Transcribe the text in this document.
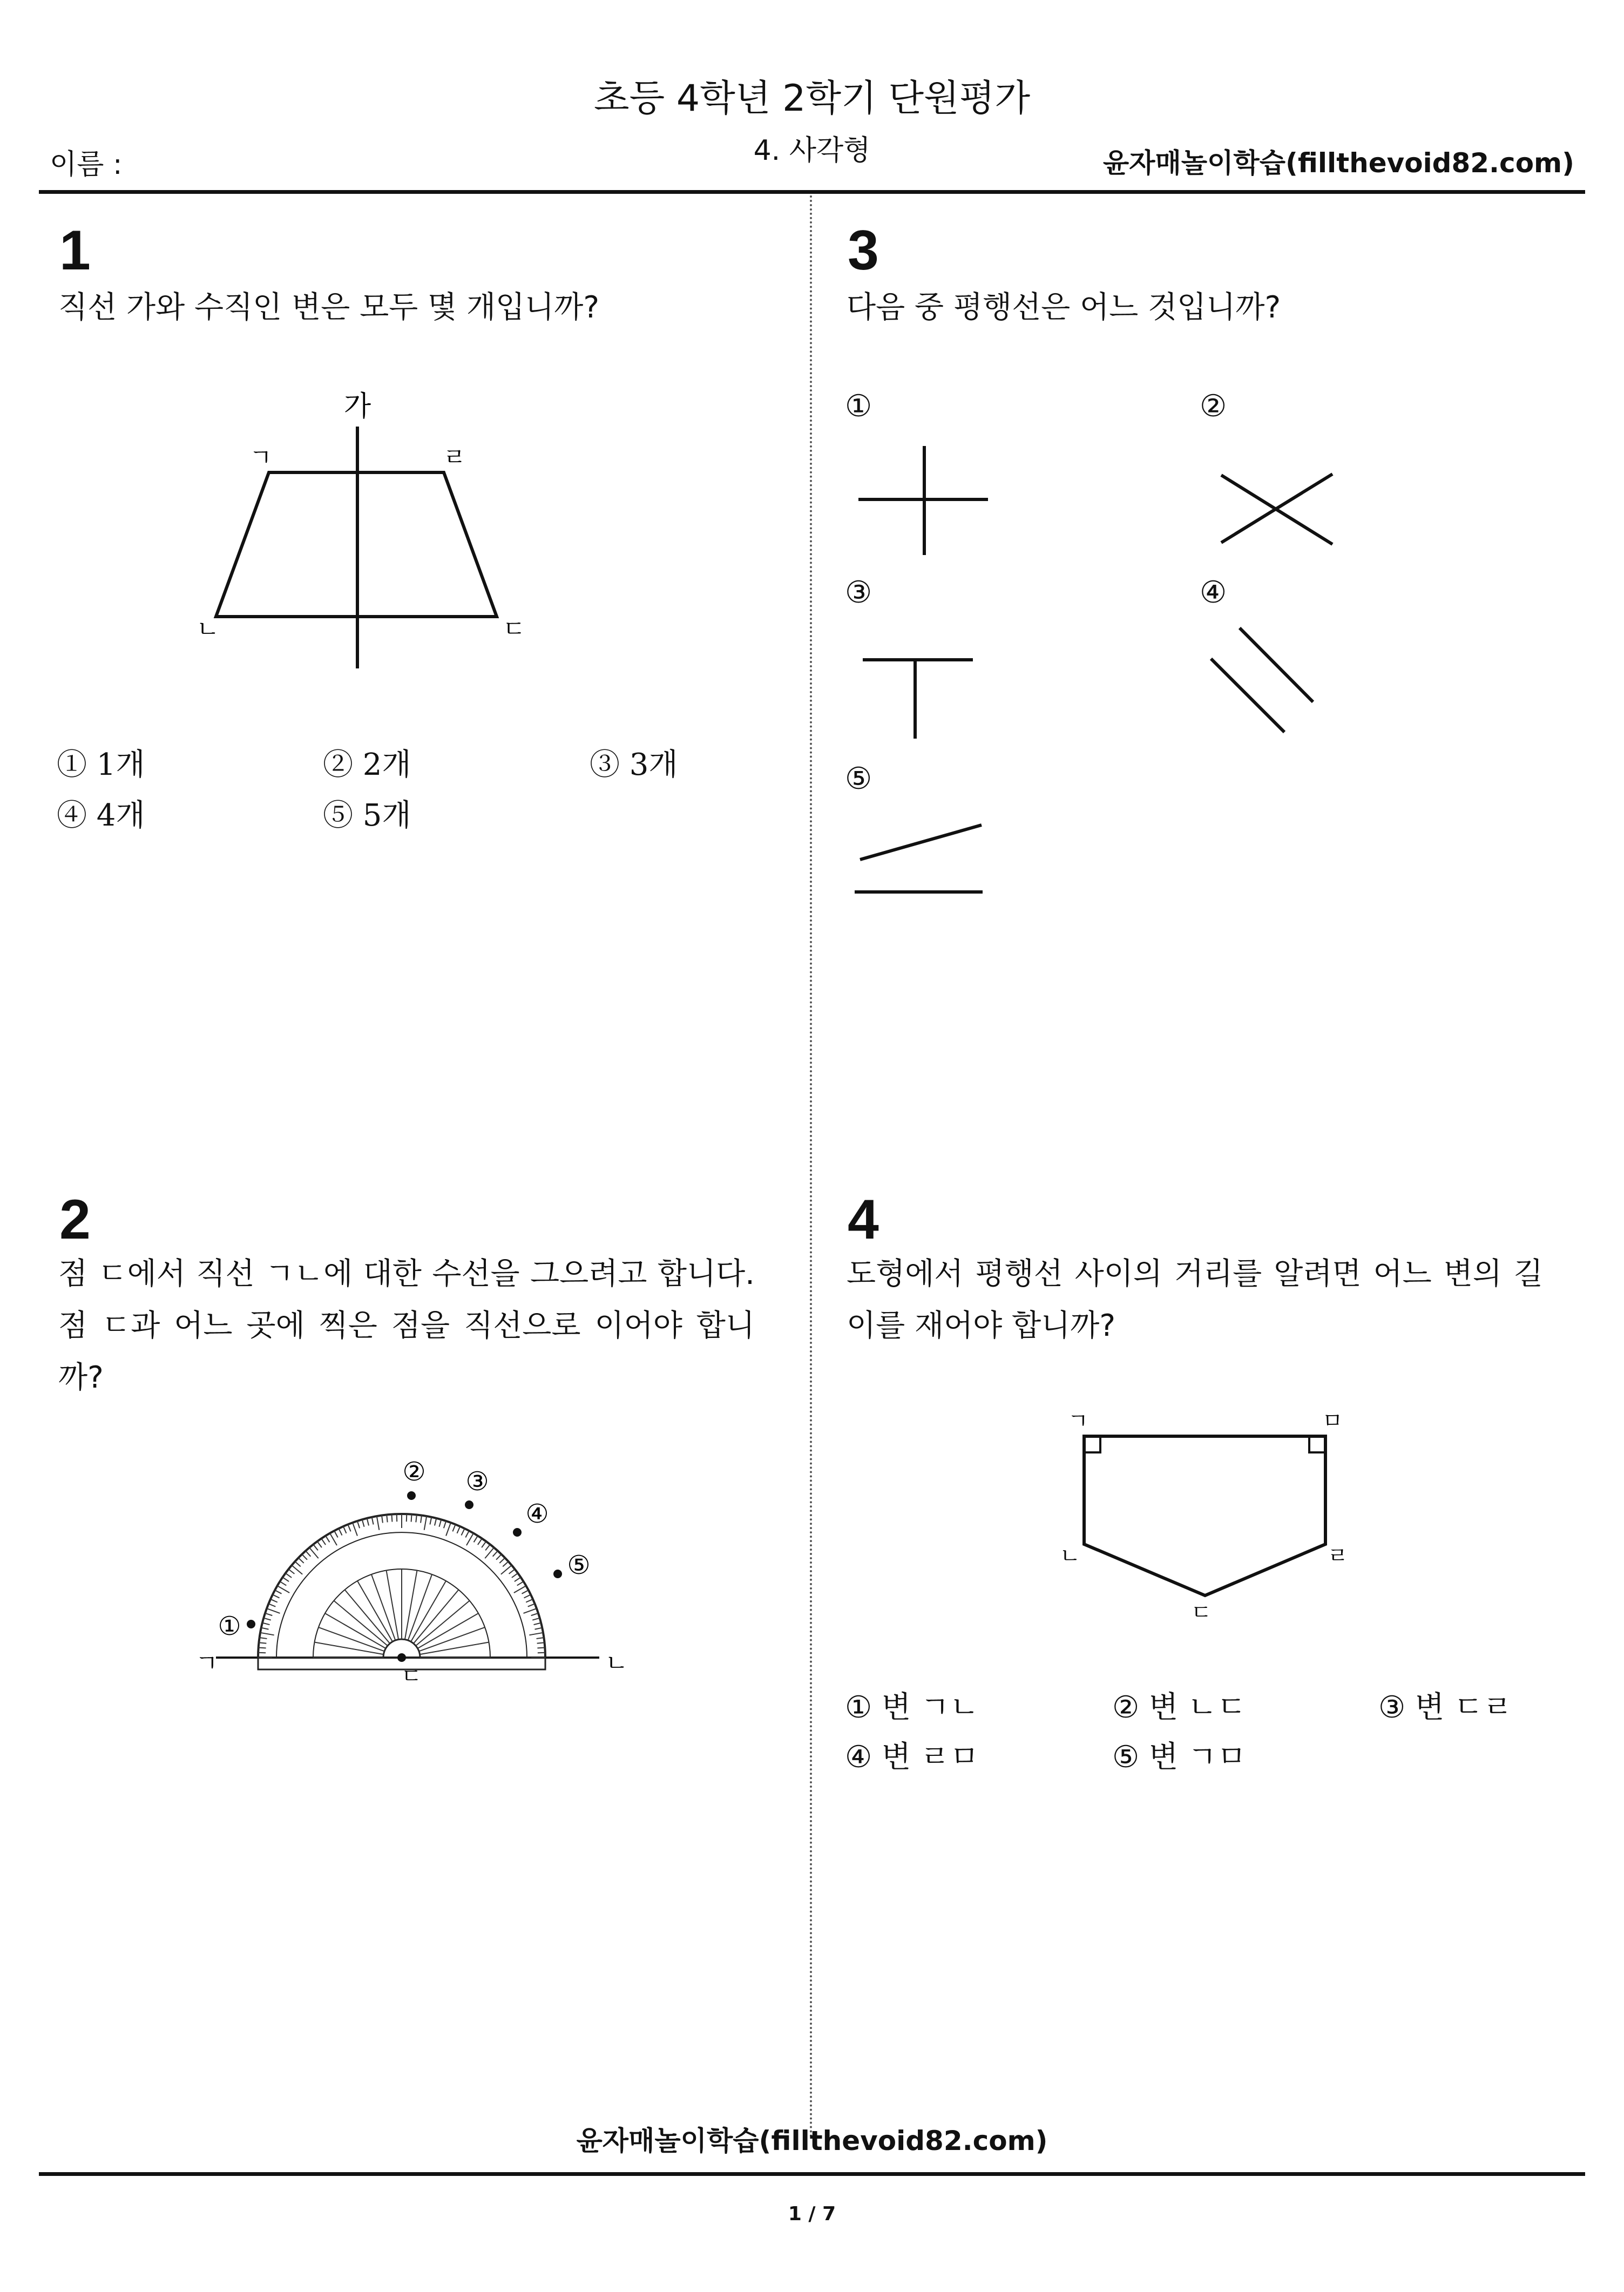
초등 4학년 2학기 단원평가
4. 사각형
이름 :	윤자매놀이학습(fillthevoid82.com)
1
직선 가와 수직인 변은 모두 몇 개입니까?
가
ㄱ
ㄴ	ㄷ
ㄹ
① 1개	② 2개	③ 3개
④ 4개	⑤ 5개
2
점 ㄷ에서 직선 ㄱㄴ에 대한 수선을 그으려고 합니다. 점 ㄷ과 어느 곳에 찍은 점을 직선으로 이어야 합니까?
ㄱ	ㄴ
ㄷ
①
② ③
④
⑤
3
다음 중 평행선은 어느 것입니까?
①	②
③	④
⑤
4
도형에서 평행선 사이의 거리를 알려면 어느 변의 길이를 재어야 합니까?
ㄱ
ㄴ
ㄷ
ㄹ
ㅁ
① 변 ㄱㄴ	② 변 ㄴㄷ	③ 변 ㄷㄹ
④ 변 ㄹㅁ	⑤ 변 ㄱㅁ
윤자매놀이학습(fillthevoid82.com)
1 / 7
